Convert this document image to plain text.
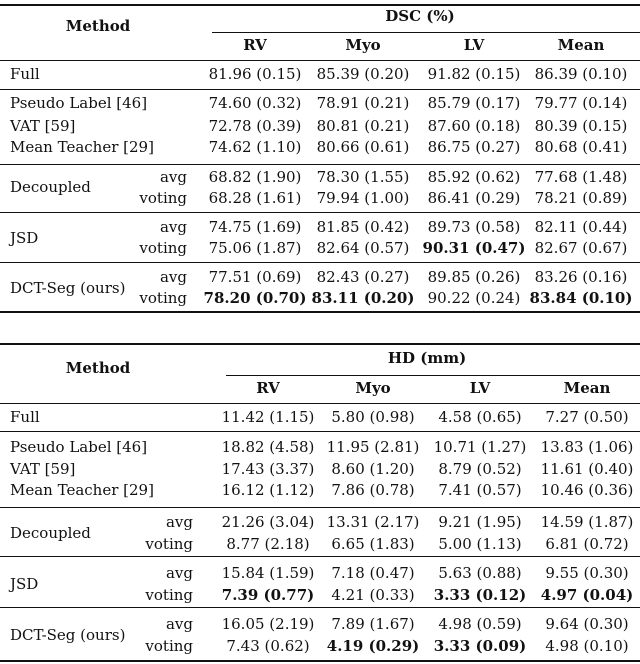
Method
DSC (%)
RV	Myo	LV	Mean
Full	81.96 (0.15) 85.39 (0.20) 91.82 (0.15) 86.39 (0.10)
Pseudo Label [46]	74.60 (0.32) 78.91 (0.21) 85.79 (0.17) 79.77 (0.14)
VAT [59]	72.78 (0.39) 80.81 (0.21) 87.60 (0.18) 80.39 (0.15)
Mean Teacher [29]	74.62 (1.10) 80.66 (0.61) 86.75 (0.27) 80.68 (0.41)
Decoupled
avg 68.82 (1.90) 78.30 (1.55) 85.92 (0.62) 77.68 (1.48)
voting 68.28 (1.61) 79.94 (1.00) 86.41 (0.29) 78.21 (0.89)
JSD
avg 74.75 (1.69) 81.85 (0.42) 89.73 (0.58) 82.11 (0.44)
voting 75.06 (1.87) 82.64 (0.57) 90.31 (0.47) 82.67 (0.67)
DCT-Seg (ours)
avg 77.51 (0.69) 82.43 (0.27) 89.85 (0.26) 83.26 (0.16)
voting 78.20 (0.70) 83.11 (0.20) 90.22 (0.24) 83.84 (0.10)
Method
HD (mm)
RV	Myo	LV	Mean
Full	11.42 (1.15) 5.80 (0.98) 4.58 (0.65) 7.27 (0.50)
Pseudo Label [46]	18.82 (4.58) 11.95 (2.81) 10.71 (1.27) 13.83 (1.06)
VAT [59]	17.43 (3.37) 8.60 (1.20) 8.79 (0.52) 11.61 (0.40)
Mean Teacher [29]	16.12 (1.12) 7.86 (0.78) 7.41 (0.57) 10.46 (0.36)
Decoupled
avg 21.26 (3.04) 13.31 (2.17) 9.21 (1.95) 14.59 (1.87)
voting 8.77 (2.18) 6.65 (1.83) 5.00 (1.13) 6.81 (0.72)
JSD
avg 15.84 (1.59) 7.18 (0.47) 5.63 (0.88) 9.55 (0.30)
voting 7.39 (0.77) 4.21 (0.33) 3.33 (0.12) 4.97 (0.04)
DCT-Seg (ours)
avg 16.05 (2.19) 7.89 (1.67) 4.98 (0.59) 9.64 (0.30)
voting 7.43 (0.62) 4.19 (0.29) 3.33 (0.09) 4.98 (0.10)
